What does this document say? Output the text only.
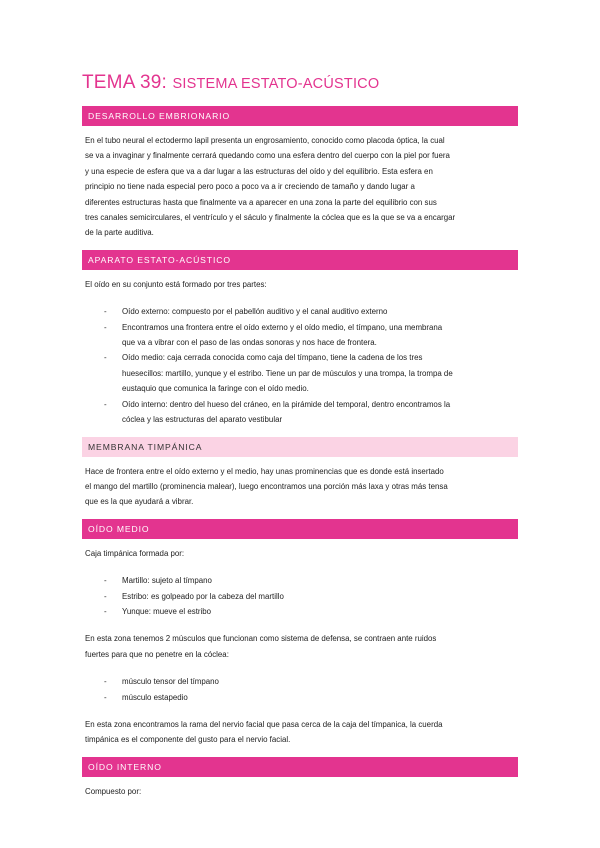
TEMA 39: SISTEMA ESTATO-ACÚSTICO
DESARROLLO EMBRIONARIO

En el tubo neural el ectodermo lapil presenta un engrosamiento, conocido como placoda óptica, la cual
se va a invaginar y finalmente cerrará quedando como una esfera dentro del cuerpo con la piel por fuera
y una especie de esfera que va a dar lugar a las estructuras del oído y del equilibrio. Esta esfera en
principio no tiene nada especial pero poco a poco va a ir creciendo de tamaño y dando lugar a
diferentes estructuras hasta que finalmente va a aparecer en una zona la parte del equilibrio con sus
tres canales semicirculares, el ventrículo y el sáculo y finalmente la cóclea que es la que se va a encargar
de la parte auditiva.

APARATO ESTATO-ACÚSTICO

El oído en su conjunto está formado por tres partes:

-	Oído externo: compuesto por el pabellón auditivo y el canal auditivo externo
-	Encontramos una frontera entre el oído externo y el oído medio, el tímpano, una membrana
que va a vibrar con el paso de las ondas sonoras y nos hace de frontera.
-	Oído medio: caja cerrada conocida como caja del tímpano, tiene la cadena de los tres
huesecillos: martillo, yunque y el estribo. Tiene un par de músculos y una trompa, la trompa de
eustaquio que comunica la faringe con el oído medio.
-	Oído interno: dentro del hueso del cráneo, en la pirámide del temporal, dentro encontramos la
cóclea y las estructuras del aparato vestibular
MEMBRANA TIMPÁNICA

Hace de frontera entre el oído externo y el medio, hay unas prominencias que es donde está insertado
el mango del martillo (prominencia malear), luego encontramos una porción más laxa y otras más tensa
que es la que ayudará a vibrar.

OÍDO MEDIO

Caja timpánica formada por:

-	Martillo: sujeto al tímpano
-	Estribo: es golpeado por la cabeza del martillo
-	Yunque: mueve el estribo

En esta zona tenemos 2 músculos que funcionan como sistema de defensa, se contraen ante ruidos
fuertes para que no penetre en la cóclea:

-	músculo tensor del tímpano
-	músculo estapedio

En esta zona encontramos la rama del nervio facial que pasa cerca de la caja del tímpanica, la cuerda
timpánica es el componente del gusto para el nervio facial.

OÍDO INTERNO

Compuesto por:
